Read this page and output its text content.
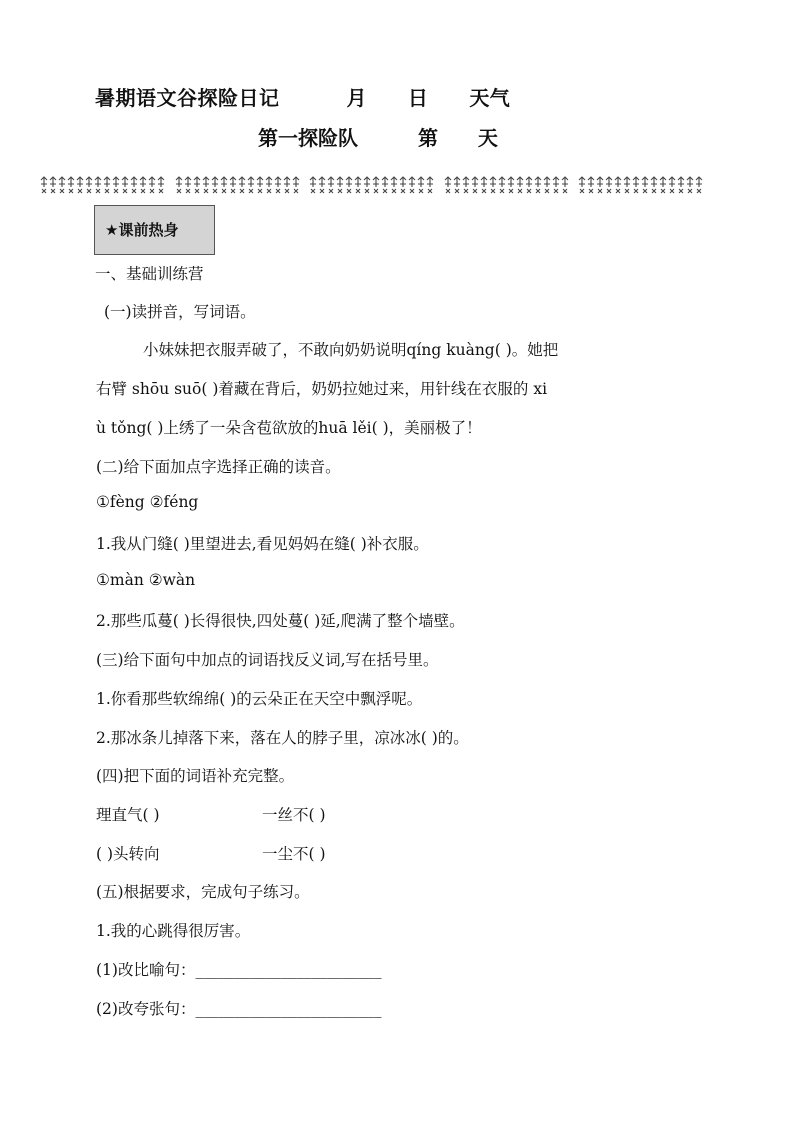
暑期语文谷探险日记	月 日 天气
第一探险队	第 天
★课前热身
一、基础训练营
(一)读拼音，写词语。
小妹妹把衣服弄破了，不敢向奶奶说明qíng kuàng( )。她把
右臂 shōu suō( )着藏在背后，奶奶拉她过来，用针线在衣服的 xi
ù tǒng( )上绣了一朵含苞欲放的huā lěi( )，美丽极了！
(二)给下面加点字选择正确的读音。
①fèng ②féng
1.我从门缝( )里望进去,看见妈妈在缝( )补衣服。
①màn ②wàn
2.那些瓜蔓( )长得很快,四处蔓( )延,爬满了整个墙壁。
(三)给下面句中加点的词语找反义词,写在括号里。
1.你看那些软绵绵( )的云朵正在天空中飘浮呢。
2.那冰条儿掉落下来，落在人的脖子里，凉冰冰( )的。
(四)把下面的词语补充完整。
理直气( )	一丝不( )
( )头转向	一尘不( )
(五)根据要求，完成句子练习。
1.我的心跳得很厉害。
(1)改比喻句：________________________
(2)改夸张句：________________________
